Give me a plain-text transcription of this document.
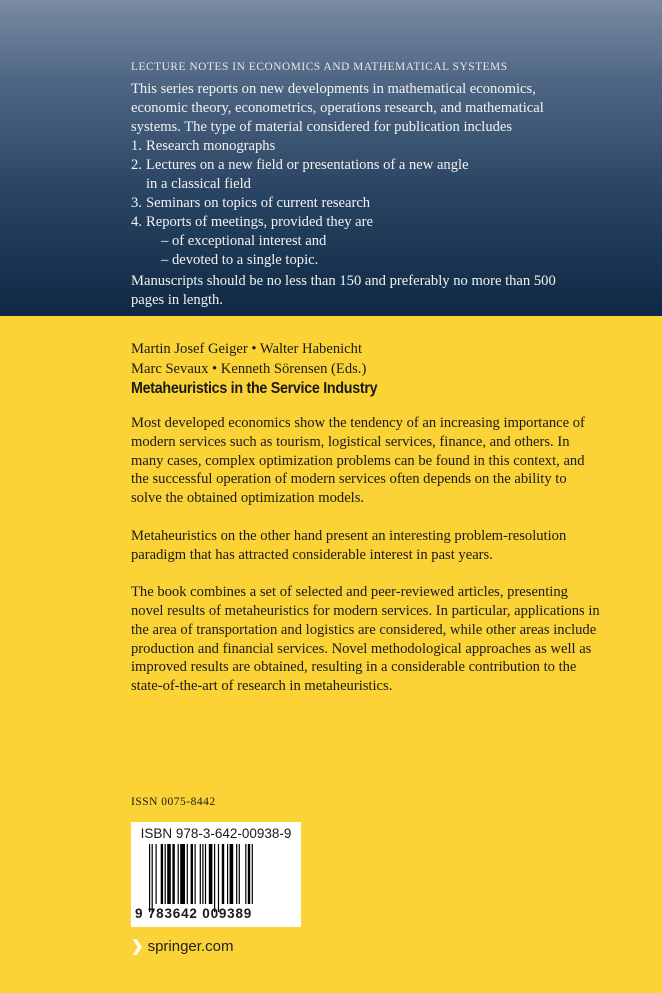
LECTURE NOTES IN ECONOMICS AND MATHEMATICAL SYSTEMS
This series reports on new developments in mathematical economics, economic theory, econometrics, operations research, and mathematical systems. The type of material considered for publication includes
1. Research monographs
2. Lectures on a new field or presentations of a new angle in a classical field
3. Seminars on topics of current research
4. Reports of meetings, provided they are
– of exceptional interest and
– devoted to a single topic.
Manuscripts should be no less than 150 and preferably no more than 500 pages in length.
Martin Josef Geiger • Walter Habenicht
Marc Sevaux • Kenneth Sörensen (Eds.)
Metaheuristics in the Service Industry

Most developed economics show the tendency of an increasing importance of modern services such as tourism, logistical services, finance, and others. In many cases, complex optimization problems can be found in this context, and the successful operation of modern services often depends on the ability to solve the obtained optimization models.

Metaheuristics on the other hand present an interesting problem-resolution paradigm that has attracted considerable interest in past years.

The book combines a set of selected and peer-reviewed articles, presenting novel results of metaheuristics for modern services. In particular, applications in the area of transportation and logistics are considered, while other areas include production and financial services. Novel methodological approaches as well as improved results are obtained, resulting in a considerable contribution to the state-of-the-art of research in metaheuristics.

ISSN 0075-8442
ISBN 978-3-642-00938-9
9 783642 009389
❯ springer.com
